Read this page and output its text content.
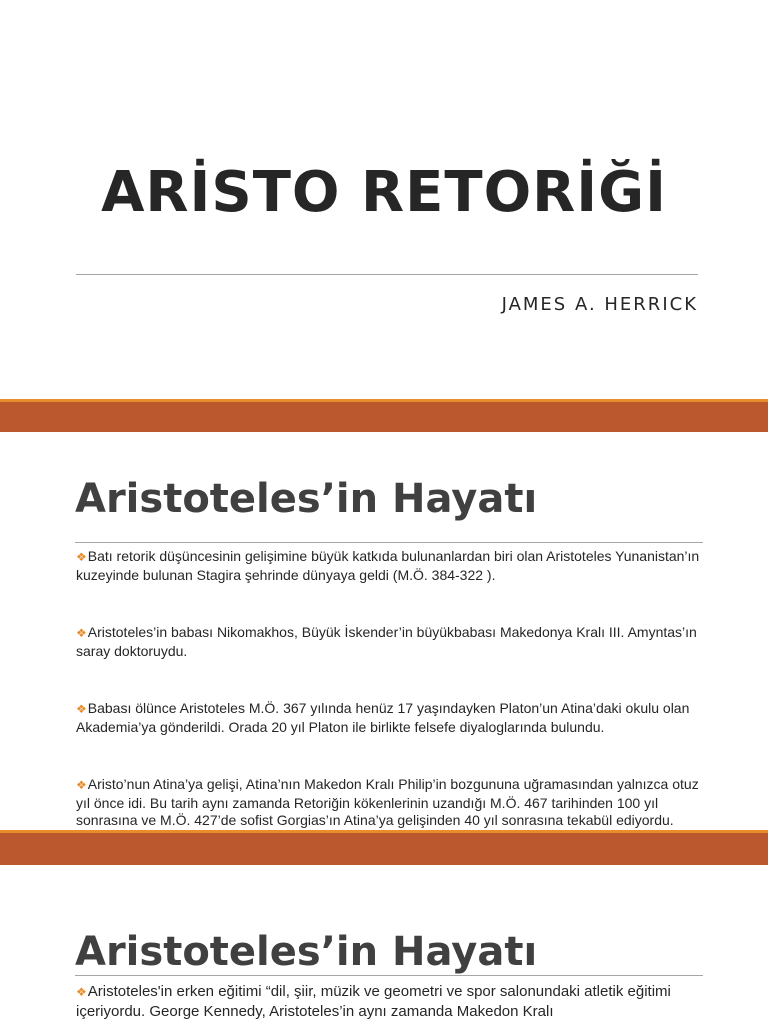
ARİSTO RETORİĞİ
JAMES A. HERRICK
Aristoteles’in Hayatı

❖Batı retorik düşüncesinin gelişimine büyük katkıda bulunanlardan biri olan Aristoteles Yunanistan’ın kuzeyinde bulunan Stagira şehrinde dünyaya geldi (M.Ö. 384-322 ).

❖Aristoteles’in babası Nikomakhos, Büyük İskender’in büyükbabası Makedonya Kralı III. Amyntas’ın saray doktoruydu.

❖Babası ölünce Aristoteles M.Ö. 367 yılında henüz 17 yaşındayken Platon’un Atina’daki okulu olan Akademia’ya gönderildi. Orada 20 yıl Platon ile birlikte felsefe diyaloglarında bulundu.

❖Aristo’nun Atina’ya gelişi, Atina’nın Makedon Kralı Philip’in bozgununa uğramasından yalnızca otuz yıl önce idi. Bu tarih aynı zamanda Retoriğin kökenlerinin uzandığı M.Ö. 467 tarihinden 100 yıl sonrasına ve M.Ö. 427’de sofist Gorgias’ın Atina’ya gelişinden 40 yıl sonrasına tekabül ediyordu.

Aristoteles’in Hayatı

❖Aristoteles'in erken eğitimi “dil, şiir, müzik ve geometri ve spor salonundaki atletik eğitimi içeriyordu. George Kennedy, Aristoteles’in aynı zamanda Makedon Kralı
